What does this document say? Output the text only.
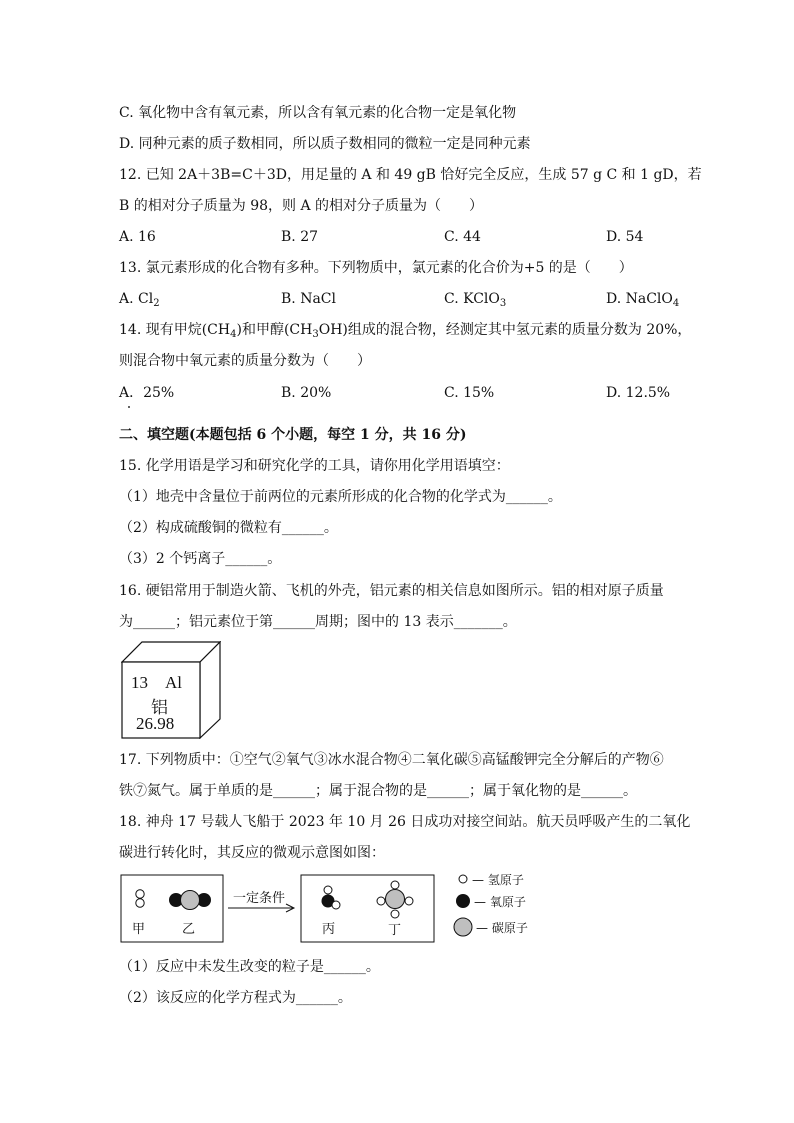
C. 氧化物中含有氧元素，所以含有氧元素的化合物一定是氧化物
D. 同种元素的质子数相同，所以质子数相同的微粒一定是同种元素
12. 已知 2A＋3B=C＋3D，用足量的 A 和 49 gB 恰好完全反应，生成 57 g C 和 1 gD，若
B 的相对分子质量为 98，则 A 的相对分子质量为（　　）
A. 16	B. 27	C. 44	D. 54
13. 氯元素形成的化合物有多种。下列物质中，氯元素的化合价为+5 的是（　　）
A. $Cl_2$	B. NaCl	C. KClO$_3$	D. NaClO$_4$
14. 现有甲烷$(CH_4)$和甲醇$(CH_3OH)$组成的混合物，经测定其中氢元素的质量分数为 20%，
则混合物中氧元素的质量分数为（　　）
A．25%	B. 20%	C. 15%	D. 12.5%
二、填空题(本题包括 6 个小题，每空 1 分，共 16 分)
15. 化学用语是学习和研究化学的工具，请你用化学用语填空：
（1）地壳中含量位于前两位的元素所形成的化合物的化学式为______。
（2）构成硫酸铜的微粒有______。
（3）2 个钙离子______。
16. 硬铝常用于制造火箭、飞机的外壳，铝元素的相关信息如图所示。铝的相对原子质量
为______；铝元素位于第______周期；图中的 13 表示_______。
13 Al
铝
26.98
17. 下列物质中：①空气②氧气③冰水混合物④二氧化碳⑤高锰酸钾完全分解后的产物⑥
铁⑦氮气。属于单质的是______；属于混合物的是______；属于氧化物的是______。
18. 神舟 17 号载人飞船于 2023 年 10 月 26 日成功对接空间站。航天员呼吸产生的二氧化
碳进行转化时，其反应的微观示意图如图：
甲	乙
一定条件
丙	丁
— 氢原子
— 氧原子
— 碳原子
（1）反应中未发生改变的粒子是______。
（2）该反应的化学方程式为______。
